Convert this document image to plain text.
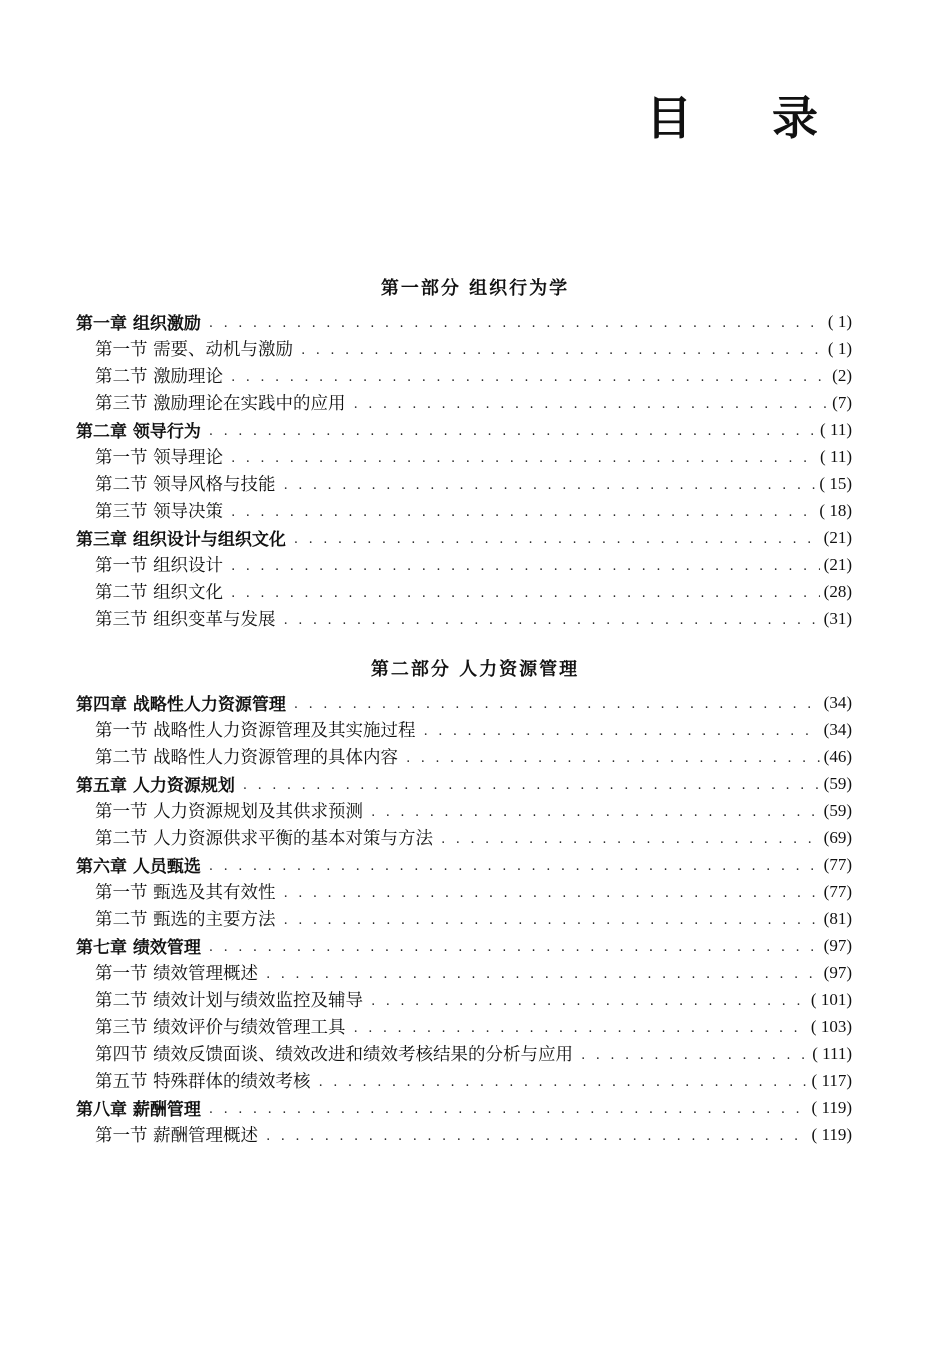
目 录
第一部分 组织行为学
第一章 组织激励 . . .	( 1)
第一节 需要、动机与激励 . . .	( 1)
第二节 激励理论 . . .	(2)
第三节 激励理论在实践中的应用 . . .	(7)
第二章 领导行为 . . .	( 11)
第一节 领导理论 . . .	( 11)
第二节 领导风格与技能 . . .	( 15)
第三节 领导决策 . . .	( 18)
第三章 组织设计与组织文化 . . .	(21)
第一节 组织设计 . . .	(21)
第二节 组织文化 . . .	(28)
第三节 组织变革与发展 . . .	(31)
第二部分 人力资源管理
第四章 战略性人力资源管理 . . .	(34)
第一节 战略性人力资源管理及其实施过程 . . .	(34)
第二节 战略性人力资源管理的具体内容 . . .	(46)
第五章 人力资源规划 . . .	(59)
第一节 人力资源规划及其供求预测 . . .	(59)
第二节 人力资源供求平衡的基本对策与方法 . . .	(69)
第六章 人员甄选 . . .	(77)
第一节 甄选及其有效性 . . .	(77)
第二节 甄选的主要方法 . . .	(81)
第七章 绩效管理 . . .	(97)
第一节 绩效管理概述 . . .	(97)
第二节 绩效计划与绩效监控及辅导 . . .	( 101)
第三节 绩效评价与绩效管理工具 . . .	( 103)
第四节 绩效反馈面谈、绩效改进和绩效考核结果的分析与应用 . . .	( 111)
第五节 特殊群体的绩效考核 . . .	( 117)
第八章 薪酬管理 . . .	( 119)
第一节 薪酬管理概述 . . .	( 119)
